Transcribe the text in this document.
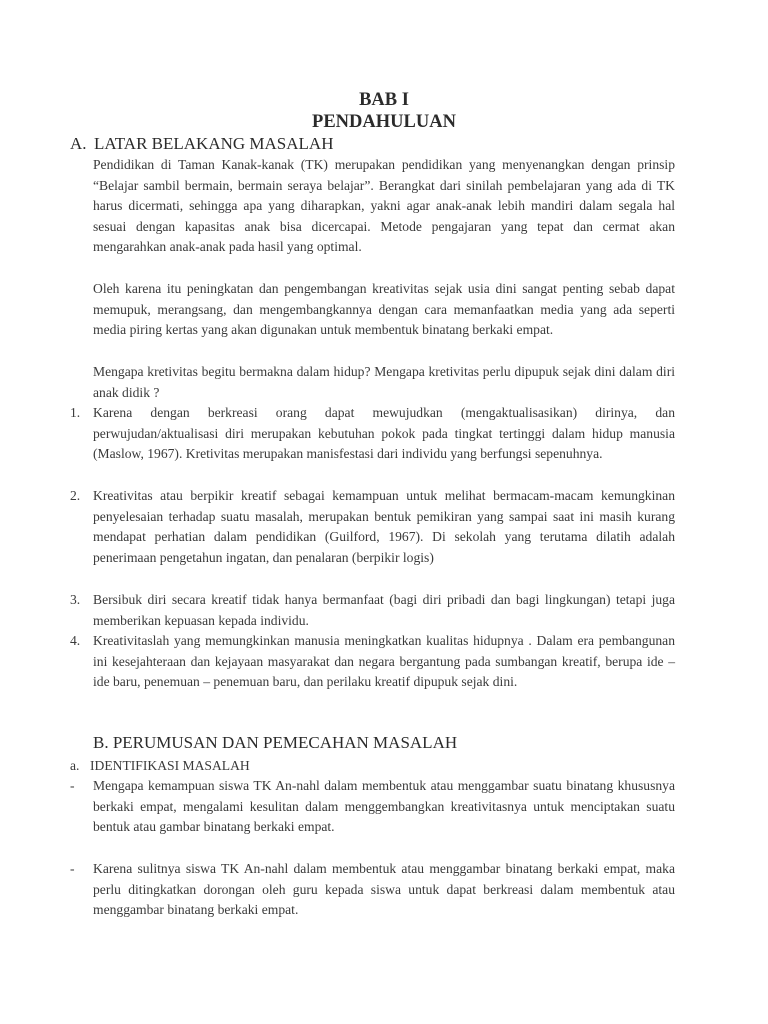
BAB I
PENDAHULUAN
A. LATAR BELAKANG MASALAH

Pendidikan di Taman Kanak-kanak (TK) merupakan pendidikan yang menyenangkan dengan prinsip “Belajar sambil bermain, bermain seraya belajar”. Berangkat dari sinilah pembelajaran yang ada di TK harus dicermati, sehingga apa yang diharapkan, yakni agar anak-anak lebih mandiri dalam segala hal sesuai dengan kapasitas anak bisa dicercapai. Metode pengajaran yang tepat dan cermat akan mengarahkan anak-anak pada hasil yang optimal.

Oleh karena itu peningkatan dan pengembangan kreativitas sejak usia dini sangat penting sebab dapat memupuk, merangsang, dan mengembangkannya dengan cara memanfaatkan media yang ada seperti media piring kertas yang akan digunakan untuk membentuk binatang berkaki empat.

Mengapa kretivitas begitu bermakna dalam hidup? Mengapa kretivitas perlu dipupuk sejak dini dalam diri anak didik ?

1. Karena dengan berkreasi orang dapat mewujudkan (mengaktualisasikan) dirinya, dan perwujudan/aktualisasi diri merupakan kebutuhan pokok pada tingkat tertinggi dalam hidup manusia (Maslow, 1967). Kretivitas merupakan manisfestasi dari individu yang berfungsi sepenuhnya.
2. Kreativitas atau berpikir kreatif sebagai kemampuan untuk melihat bermacam-macam kemungkinan penyelesaian terhadap suatu masalah, merupakan bentuk pemikiran yang sampai saat ini masih kurang mendapat perhatian dalam pendidikan (Guilford, 1967). Di sekolah yang terutama dilatih adalah penerimaan pengetahun ingatan, dan penalaran (berpikir logis)
3. Bersibuk diri secara kreatif tidak hanya bermanfaat (bagi diri pribadi dan bagi lingkungan) tetapi juga memberikan kepuasan kepada individu.
4. Kreativitaslah yang memungkinkan manusia meningkatkan kualitas hidupnya . Dalam era pembangunan ini kesejahteraan dan kejayaan masyarakat dan negara bergantung pada sumbangan kreatif, berupa ide – ide baru, penemuan – penemuan baru, dan perilaku kreatif dipupuk sejak dini.
B. PERUMUSAN DAN PEMECAHAN MASALAH
a. IDENTIFIKASI MASALAH
- Mengapa kemampuan siswa TK An-nahl dalam membentuk atau menggambar suatu binatang khususnya berkaki empat, mengalami kesulitan dalam menggembangkan kreativitasnya untuk menciptakan suatu bentuk atau gambar binatang berkaki empat.
- Karena sulitnya siswa TK An-nahl dalam membentuk atau menggambar binatang berkaki empat, maka perlu ditingkatkan dorongan oleh guru kepada siswa untuk dapat berkreasi dalam membentuk atau menggambar binatang berkaki empat.
